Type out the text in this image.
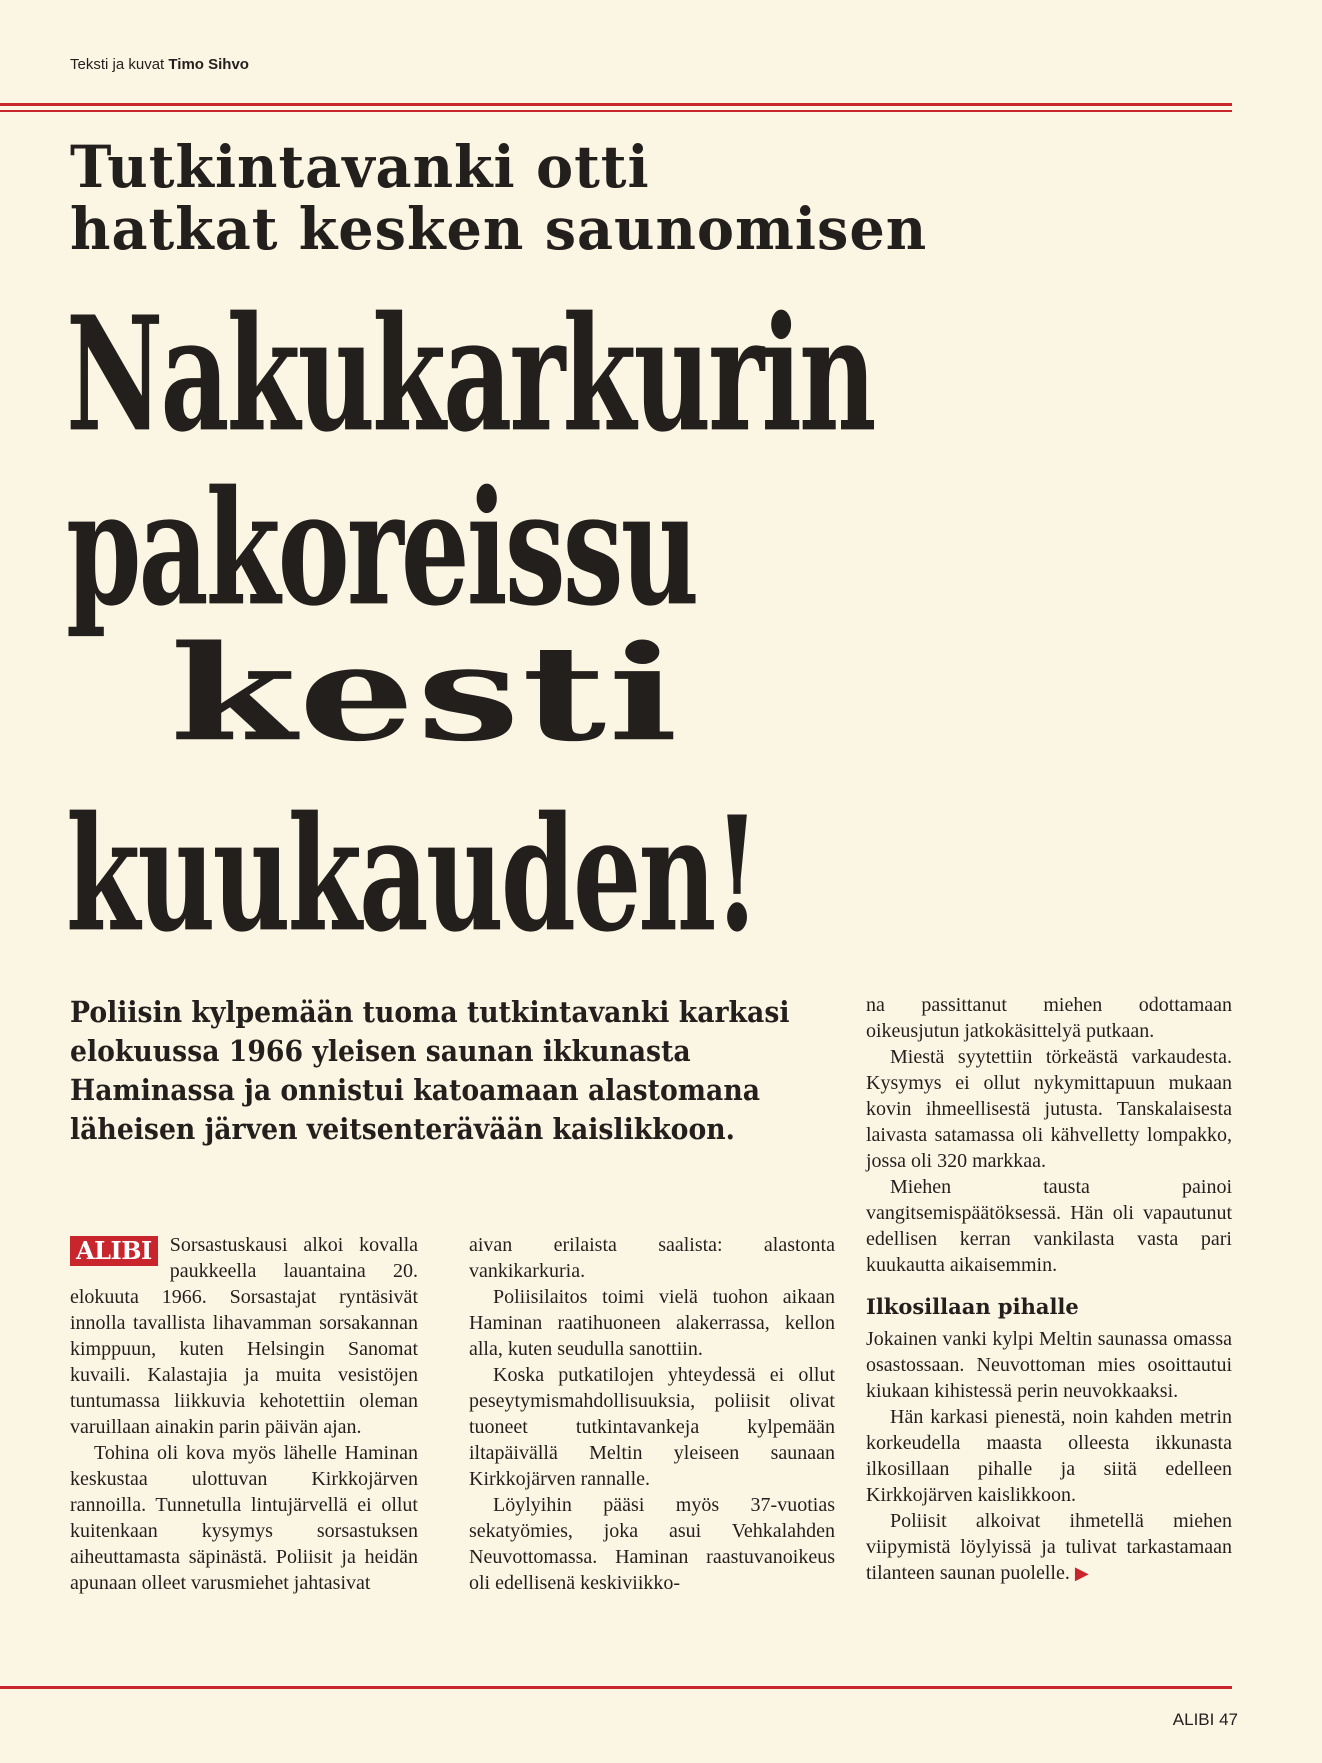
Teksti ja kuvat Timo Sihvo
Tutkintavanki otti
hatkat kesken saunomisen
Nakukarkurin
pakoreissu
kesti
kuukauden!

Poliisin kylpemään tuoma tutkintavanki karkasi elokuussa 1966 yleisen saunan ikkunasta Haminassa ja onnistui katoamaan alastomana läheisen järven veitsenterävään kaislikkoon.

ALIBI Sorsastuskausi alkoi kovalla paukkeella lauantaina 20. elokuuta 1966. Sorsastajat ryntäsivät innolla tavallista lihavamman sorsakannan kimppuun, kuten Helsingin Sanomat kuvaili. Kalastajia ja muita vesistöjen tuntumassa liikkuvia kehotettiin oleman varuillaan ainakin parin päivän ajan.

Tohina oli kova myös lähelle Haminan keskustaa ulottuvan Kirkkojärven rannoilla. Tunnetulla lintujärvellä ei ollut kuitenkaan kysymys sorsastuksen aiheuttamasta säpinästä. Poliisit ja heidän apunaan olleet varusmiehet jahtasivat

aivan erilaista saalista: alastonta vankikarkuria.

Poliisilaitos toimi vielä tuohon aikaan Haminan raatihuoneen alakerrassa, kellon alla, kuten seudulla sanottiin.

Koska putkatilojen yhteydessä ei ollut peseytymismahdollisuuksia, poliisit olivat tuoneet tutkintavankeja kylpemään iltapäivällä Meltin yleiseen saunaan Kirkkojärven rannalle.

Löylyihin pääsi myös 37-vuotias sekatyömies, joka asui Vehkalahden Neuvottomassa. Haminan raastuvanoikeus oli edellisenä keskiviikko-

na passittanut miehen odottamaan oikeusjutun jatkokäsittelyä putkaan.

Miestä syytettiin törkeästä varkaudesta. Kysymys ei ollut nykymittapuun mukaan kovin ihmeellisestä jutusta. Tanskalaisesta laivasta satamassa oli kähvelletty lompakko, jossa oli 320 markkaa.

Miehen tausta painoi vangitsemispäätöksessä. Hän oli vapautunut edellisen kerran vankilasta vasta pari kuukautta aikaisemmin.

Ilkosillaan pihalle

Jokainen vanki kylpi Meltin saunassa omassa osastossaan. Neuvottoman mies osoittautui kiukaan kihistessä perin neuvokkaaksi.

Hän karkasi pienestä, noin kahden metrin korkeudella maasta olleesta ikkunasta ilkosillaan pihalle ja siitä edelleen Kirkkojärven kaislikkoon.

Poliisit alkoivat ihmetellä miehen viipymistä löylyissä ja tulivat tarkastamaan tilanteen saunan puolelle. ▶

ALIBI 47
